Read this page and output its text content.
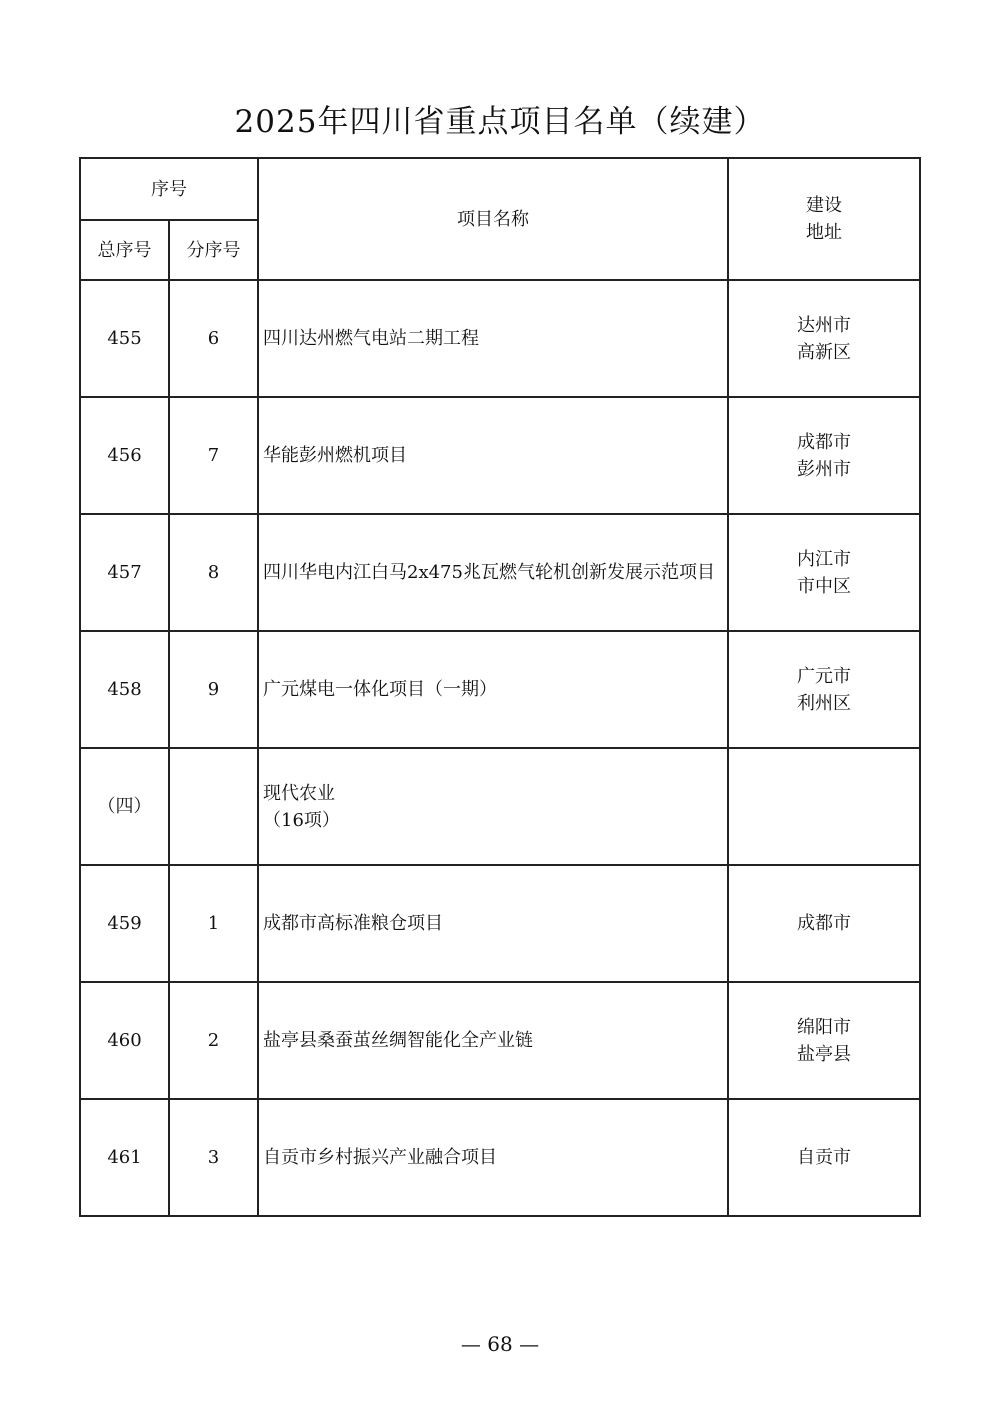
2025年四川省重点项目名单（续建）
序号		项目名称	建设
地址

总序号	分序号		
455	6	四川达州燃气电站二期工程	达州市
高新区

456	7	华能彭州燃机项目	成都市
彭州市

457	8	四川华电内江白马2x475兆瓦燃气轮机创新发展示范项目	内江市
市中区

458	9	广元煤电一体化项目（一期）	广元市
利州区

（四）		现代农业
（16项）	
459	1	成都市高标准粮仓项目	成都市

460	2	盐亭县桑蚕茧丝绸智能化全产业链	绵阳市
盐亭县

461	3	自贡市乡村振兴产业融合项目	自贡市
— 68 —
